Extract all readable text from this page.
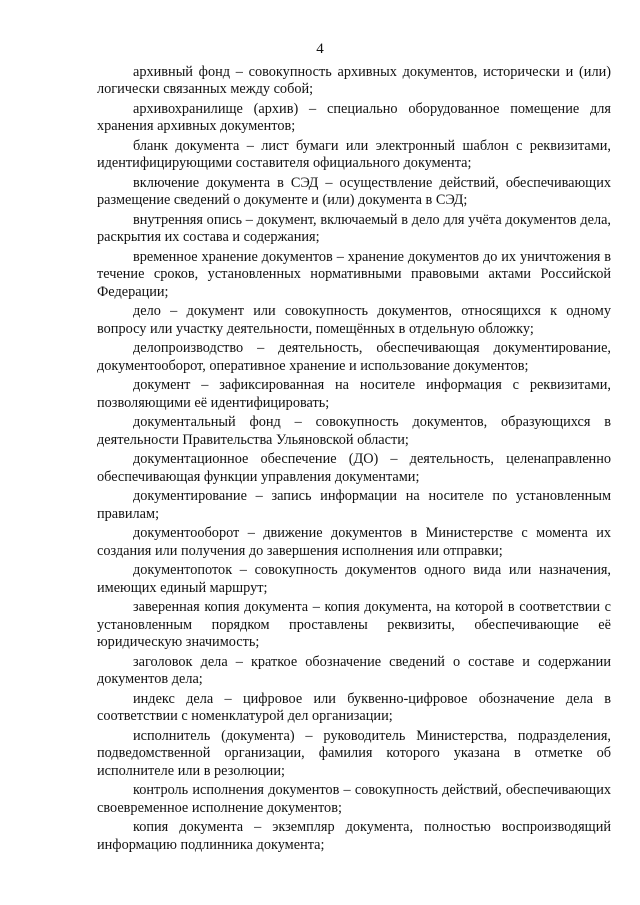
4

архивный фонд – совокупность архивных документов, исторически и (или) логически связанных между собой;

архивохранилище (архив) – специально оборудованное помещение для хранения архивных документов;

бланк документа – лист бумаги или электронный шаблон с реквизитами, идентифицирующими составителя официального документа;

включение документа в СЭД – осуществление действий, обеспечивающих размещение сведений о документе и (или) документа в СЭД;

внутренняя опись – документ, включаемый в дело для учёта документов дела, раскрытия их состава и содержания;

временное хранение документов – хранение документов до их уничтожения в течение сроков, установленных нормативными правовыми актами Российской Федерации;

дело – документ или совокупность документов, относящихся к одному вопросу или участку деятельности, помещённых в отдельную обложку;

делопроизводство – деятельность, обеспечивающая документирование, документооборот, оперативное хранение и использование документов;

документ – зафиксированная на носителе информация с реквизитами, позволяющими её идентифицировать;

документальный фонд – совокупность документов, образующихся в деятельности Правительства Ульяновской области;

документационное обеспечение (ДО) – деятельность, целенаправленно обеспечивающая функции управления документами;

документирование – запись информации на носителе по установленным правилам;

документооборот – движение документов в Министерстве с момента их создания или получения до завершения исполнения или отправки;

документопоток – совокупность документов одного вида или назначения, имеющих единый маршрут;

заверенная копия документа – копия документа, на которой в соответствии с установленным порядком проставлены реквизиты, обеспечивающие её юридическую значимость;

заголовок дела – краткое обозначение сведений о составе и содержании документов дела;

индекс дела – цифровое или буквенно-цифровое обозначение дела в соответствии с номенклатурой дел организации;

исполнитель (документа) – руководитель Министерства, подразделения, подведомственной организации, фамилия которого указана в отметке об исполнителе или в резолюции;

контроль исполнения документов – совокупность действий, обеспечивающих своевременное исполнение документов;

копия документа – экземпляр документа, полностью воспроизводящий информацию подлинника документа;
